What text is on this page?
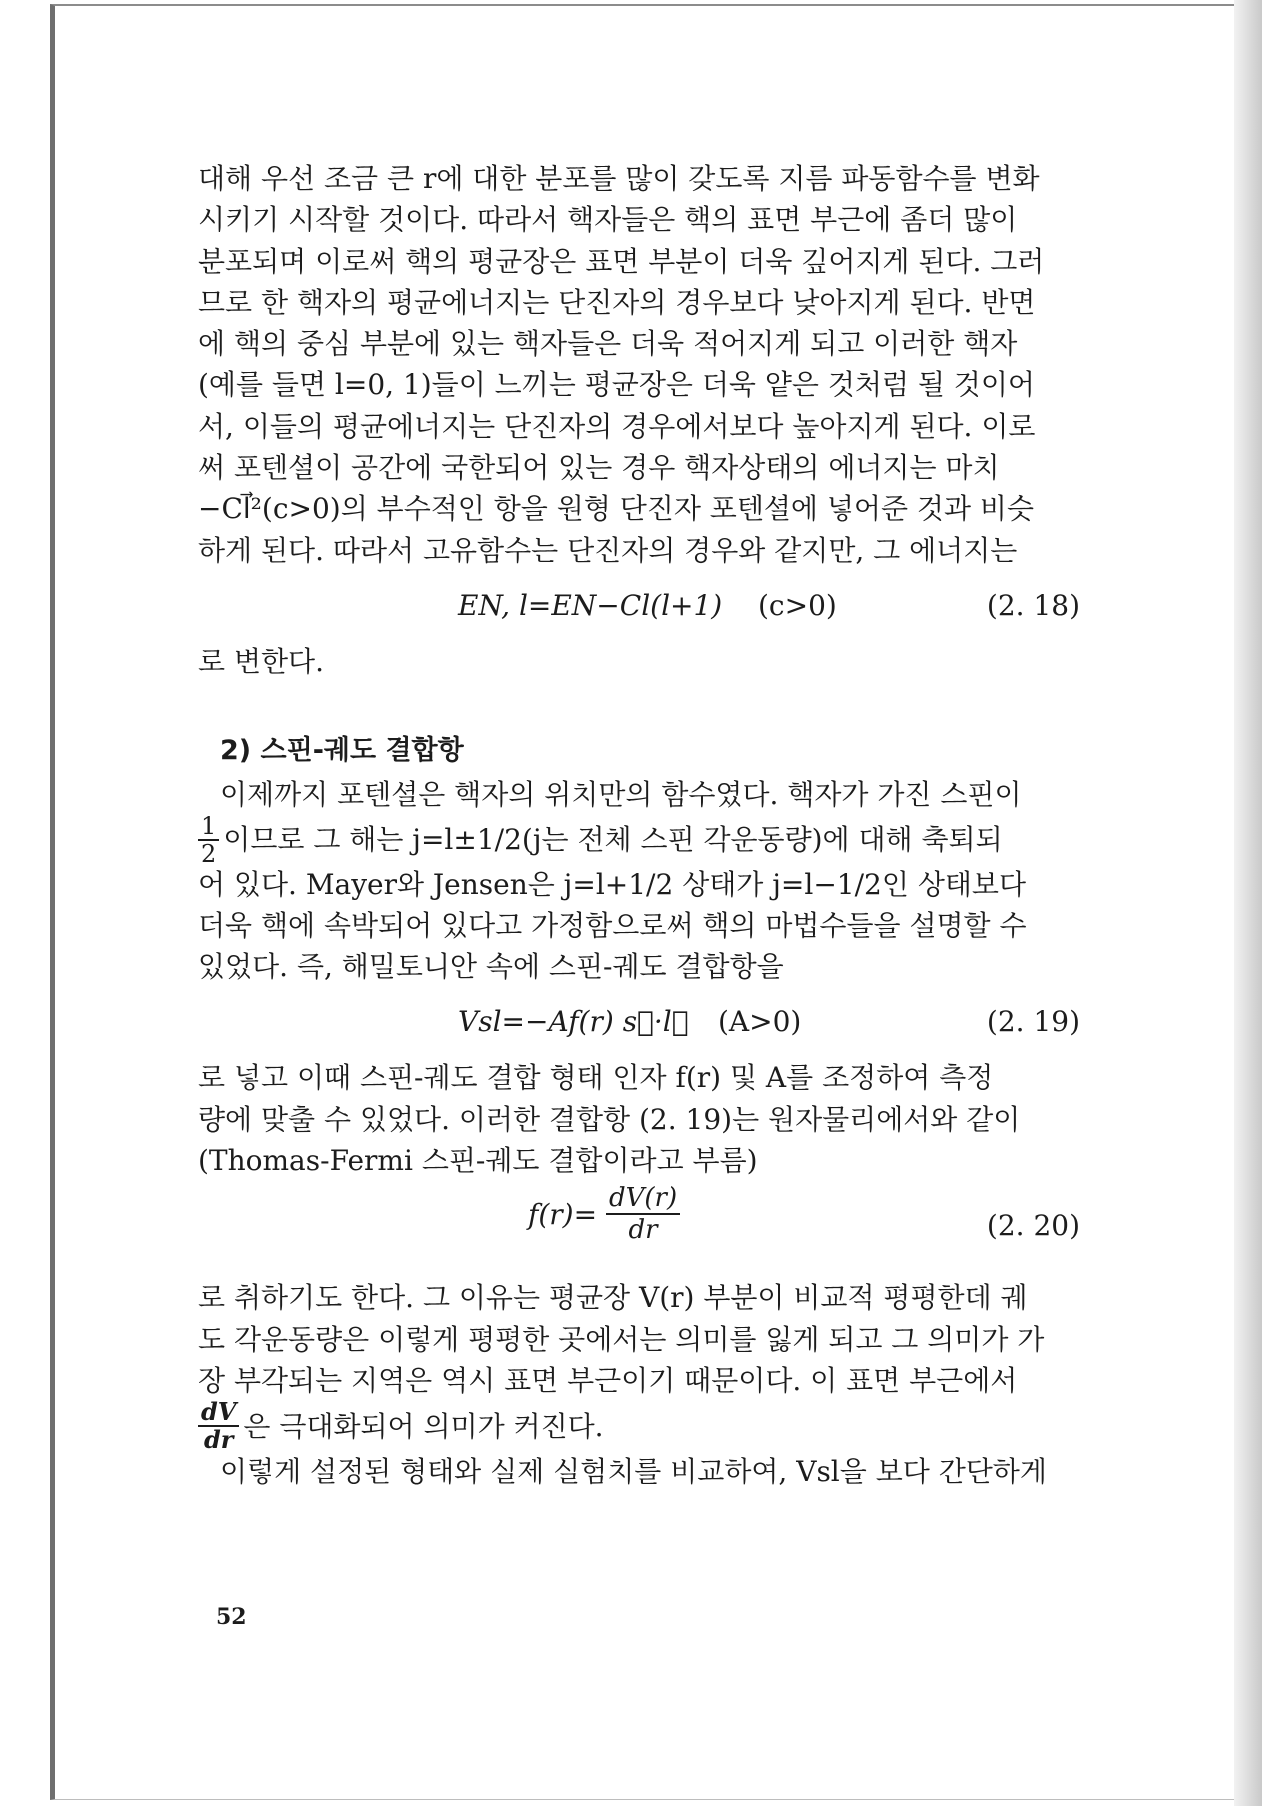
대해 우선 조금 큰 r에 대한 분포를 많이 갖도록 지름 파동함수를 변화
시키기 시작할 것이다. 따라서 핵자들은 핵의 표면 부근에 좀더 많이
분포되며 이로써 핵의 평균장은 표면 부분이 더욱 깊어지게 된다. 그러
므로 한 핵자의 평균에너지는 단진자의 경우보다 낮아지게 된다. 반면
에 핵의 중심 부분에 있는 핵자들은 더욱 적어지게 되고 이러한 핵자
(예를 들면 l=0, 1)들이 느끼는 평균장은 더욱 얕은 것처럼 될 것이어
서, 이들의 평균에너지는 단진자의 경우에서보다 높아지게 된다. 이로
써 포텐셜이 공간에 국한되어 있는 경우 핵자상태의 에너지는 마치
−Cl⃗²(c>0)의 부수적인 항을 원형 단진자 포텐셜에 넣어준 것과 비슷
하게 된다. 따라서 고유함수는 단진자의 경우와 같지만, 그 에너지는
EN, l=EN−Cl(l+1) (c>0)	(2. 18)
로 변한다.
2) 스핀-궤도 결합항
이제까지 포텐셜은 핵자의 위치만의 함수였다. 핵자가 가진 스핀이
$\frac{1}{2}$ 이므로 그 해는 j=l±1/2(j는 전체 스핀 각운동량)에 대해 축퇴되
어 있다. Mayer와 Jensen은 j=l+1/2 상태가 j=l−1/2인 상태보다
더욱 핵에 속박되어 있다고 가정함으로써 핵의 마법수들을 설명할 수
있었다. 즉, 해밀토니안 속에 스핀-궤도 결합항을
Vsl=−Af(r) s⃗·l⃗ (A>0)	(2. 19)
로 넣고 이때 스핀-궤도 결합 형태 인자 f(r) 및 A를 조정하여 측정
량에 맞출 수 있었다. 이러한 결합항 (2. 19)는 원자물리에서와 같이
(Thomas-Fermi 스핀-궤도 결합이라고 부름)
$f(r)= \frac{dV(r)}{dr}$	(2. 20)
로 취하기도 한다. 그 이유는 평균장 V(r) 부분이 비교적 평평한데 궤
도 각운동량은 이렇게 평평한 곳에서는 의미를 잃게 되고 그 의미가 가
장 부각되는 지역은 역시 표면 부근이기 때문이다. 이 표면 부근에서
$\frac{dV}{dr}$ 은 극대화되어 의미가 커진다.
이렇게 설정된 형태와 실제 실험치를 비교하여, Vsl을 보다 간단하게
52
